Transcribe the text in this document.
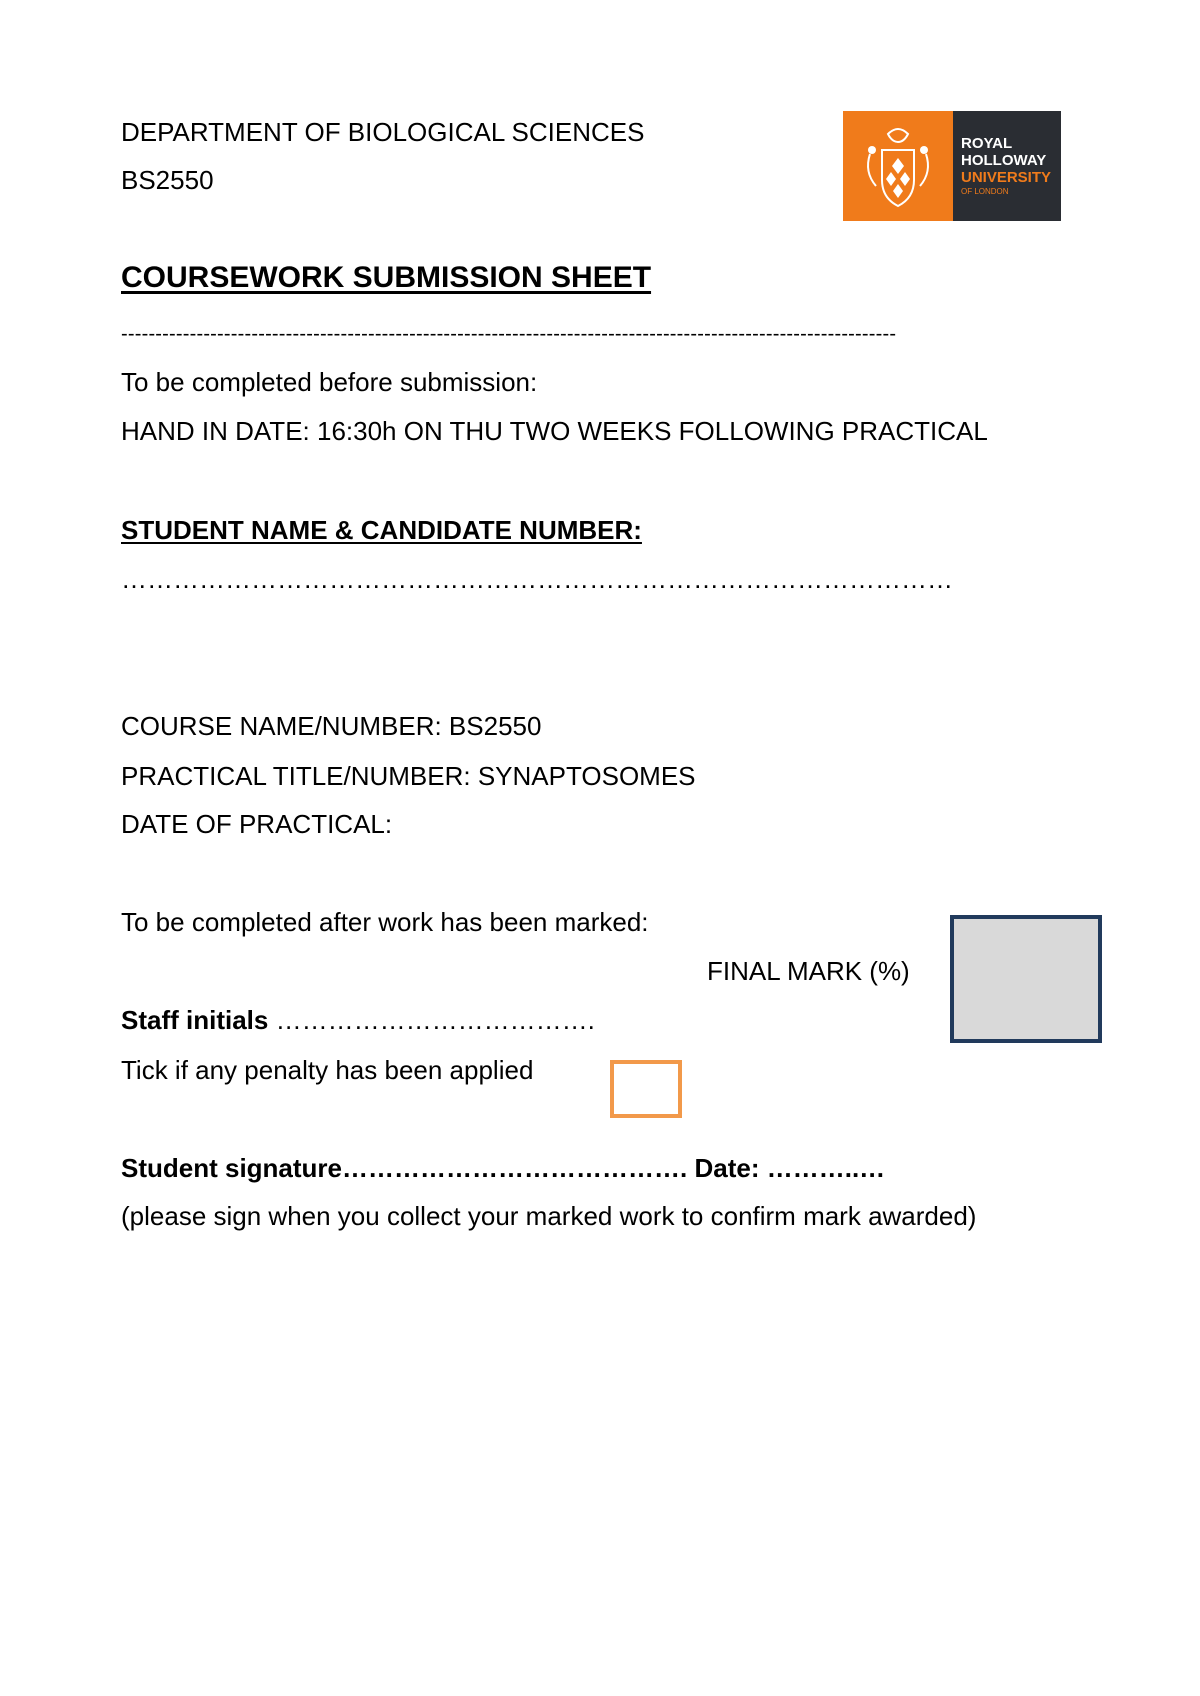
DEPARTMENT OF BIOLOGICAL SCIENCES
BS2550
ROYAL
HOLLOWAY
UNIVERSITY
OF LONDON
COURSEWORK SUBMISSION SHEET
-----------------------------------------------------------------------------------------------------------------
To be completed before submission:
HAND IN DATE: 16:30h ON THU TWO WEEKS FOLLOWING PRACTICAL
STUDENT NAME & CANDIDATE NUMBER:
……………………………………………………………………………………
COURSE NAME/NUMBER: BS2550
PRACTICAL TITLE/NUMBER: SYNAPTOSOMES
DATE OF PRACTICAL:
To be completed after work has been marked:
FINAL MARK (%)
Staff initials ……………………………….
Tick if any penalty has been applied
Student signature…………………………………. Date: ………..…
(please sign when you collect your marked work to confirm mark awarded)
